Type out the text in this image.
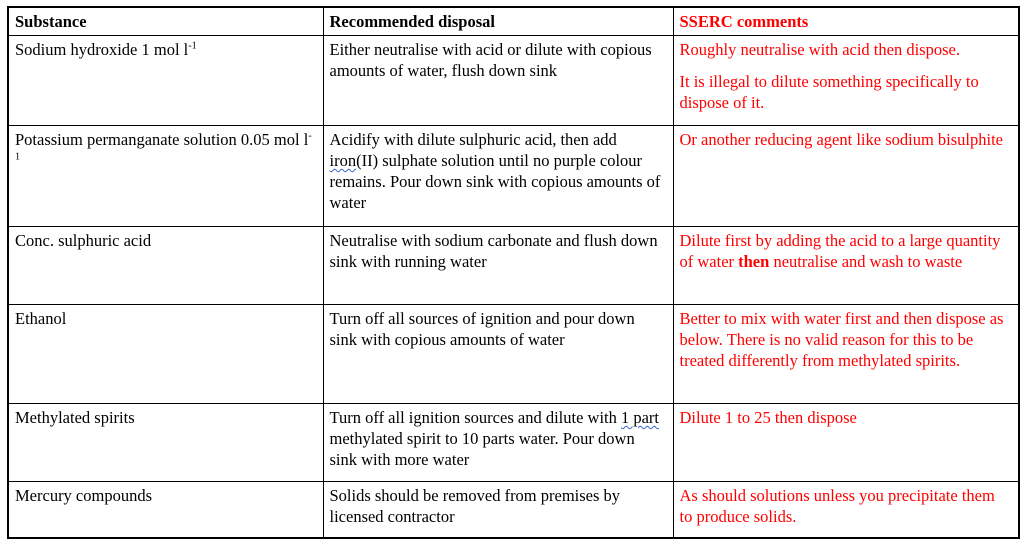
Substance	Recommended disposal	SSERC comments

Sodium hydroxide 1 mol $l^{-1}$	Either neutralise with acid or dilute with copious amounts of water, flush down sink	Roughly neutralise with acid then dispose.
It is illegal to dilute something specifically to dispose of it.

Potassium permanganate solution 0.05 mol $l^{-1}$	Acidify with dilute sulphuric acid, then add iron(II) sulphate solution until no purple colour remains. Pour down sink with copious amounts of water	Or another reducing agent like sodium bisulphite

Conc. sulphuric acid	Neutralise with sodium carbonate and flush down sink with running water	Dilute first by adding the acid to a large quantity of water then neutralise and wash to waste

Ethanol	Turn off all sources of ignition and pour down sink with copious amounts of water	Better to mix with water first and then dispose as below. There is no valid reason for this to be treated differently from methylated spirits.

Methylated spirits	Turn off all ignition sources and dilute with 1 part methylated spirit to 10 parts water. Pour down sink with more water	Dilute 1 to 25 then dispose

Mercury compounds	Solids should be removed from premises by licensed contractor	As should solutions unless you precipitate them to produce solids.
